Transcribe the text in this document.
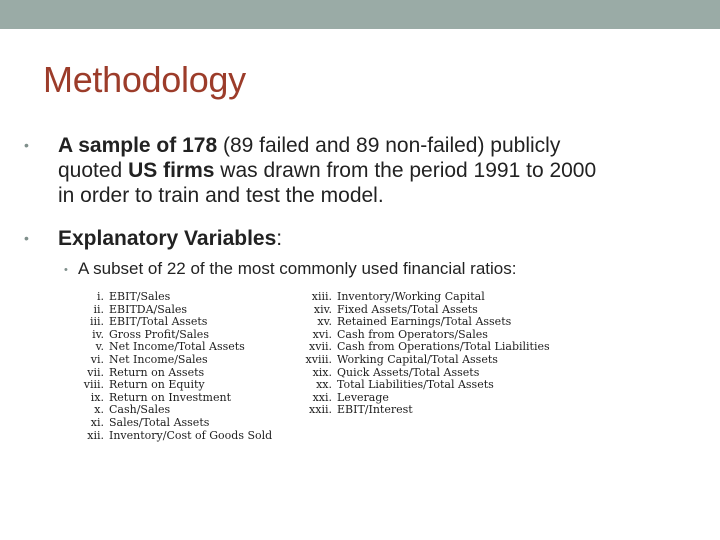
Methodology
• A sample of 178 (89 failed and 89 non-failed) publicly
quoted US firms was drawn from the period 1991 to 2000
in order to train and test the model.
• Explanatory Variables:
• A subset of 22 of the most commonly used financial ratios:
i. EBIT/Sales
ii. EBITDA/Sales
iii. EBIT/Total Assets
iv. Gross Profit/Sales
v. Net Income/Total Assets
vi. Net Income/Sales
vii. Return on Assets
viii. Return on Equity
ix. Return on Investment
x. Cash/Sales
xi. Sales/Total Assets
xii. Inventory/Cost of Goods Sold
xiii. Inventory/Working Capital
xiv. Fixed Assets/Total Assets
xv. Retained Earnings/Total Assets
xvi. Cash from Operators/Sales
xvii. Cash from Operations/Total Liabilities
xviii. Working Capital/Total Assets
xix. Quick Assets/Total Assets
xx. Total Liabilities/Total Assets
xxi. Leverage
xxii. EBIT/Interest
